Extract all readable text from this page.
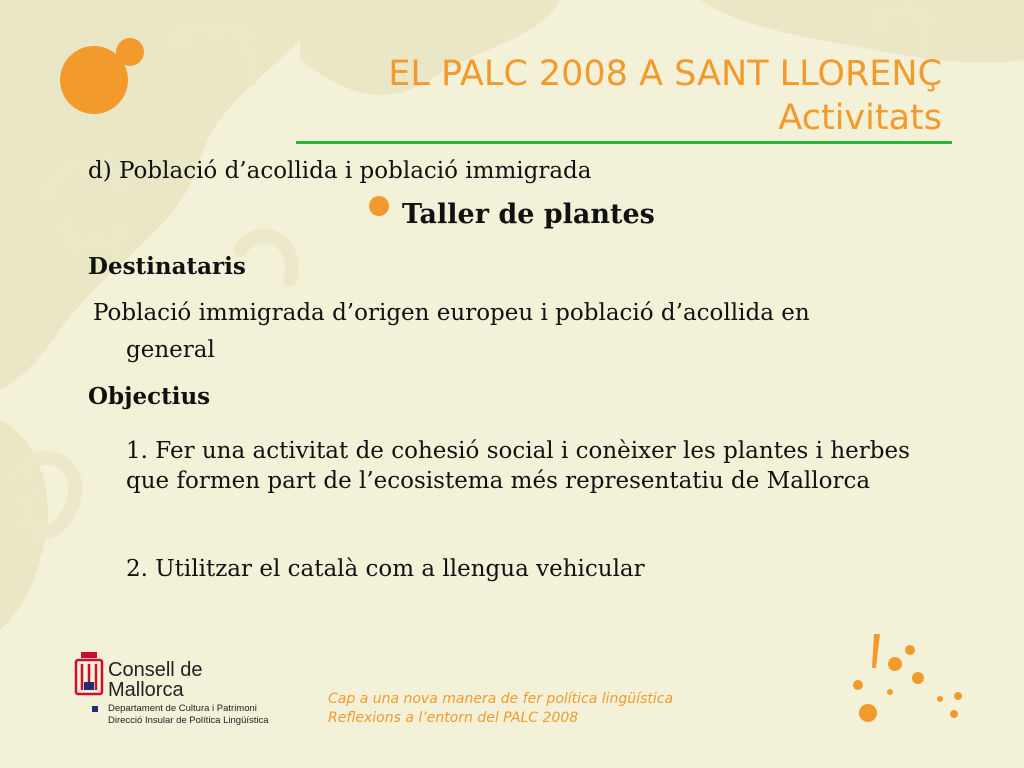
EL PALC 2008 A SANT LLORENÇ
Activitats
d) Població d’acollida i població immigrada
Taller de plantes
Destinataris
Població immigrada d’origen europeu i població d’acollida en
general
Objectius
1. Fer una activitat de cohesió social i conèixer les plantes i herbes que formen part de l’ecosistema més representatiu de Mallorca
2. Utilitzar el català com a llengua vehicular
Consell de
Mallorca
Departament de Cultura i Patrimoni
Direcció Insular de Política Lingüística
Cap a una nova manera de fer política lingüística
Reflexions a l’entorn del PALC 2008
